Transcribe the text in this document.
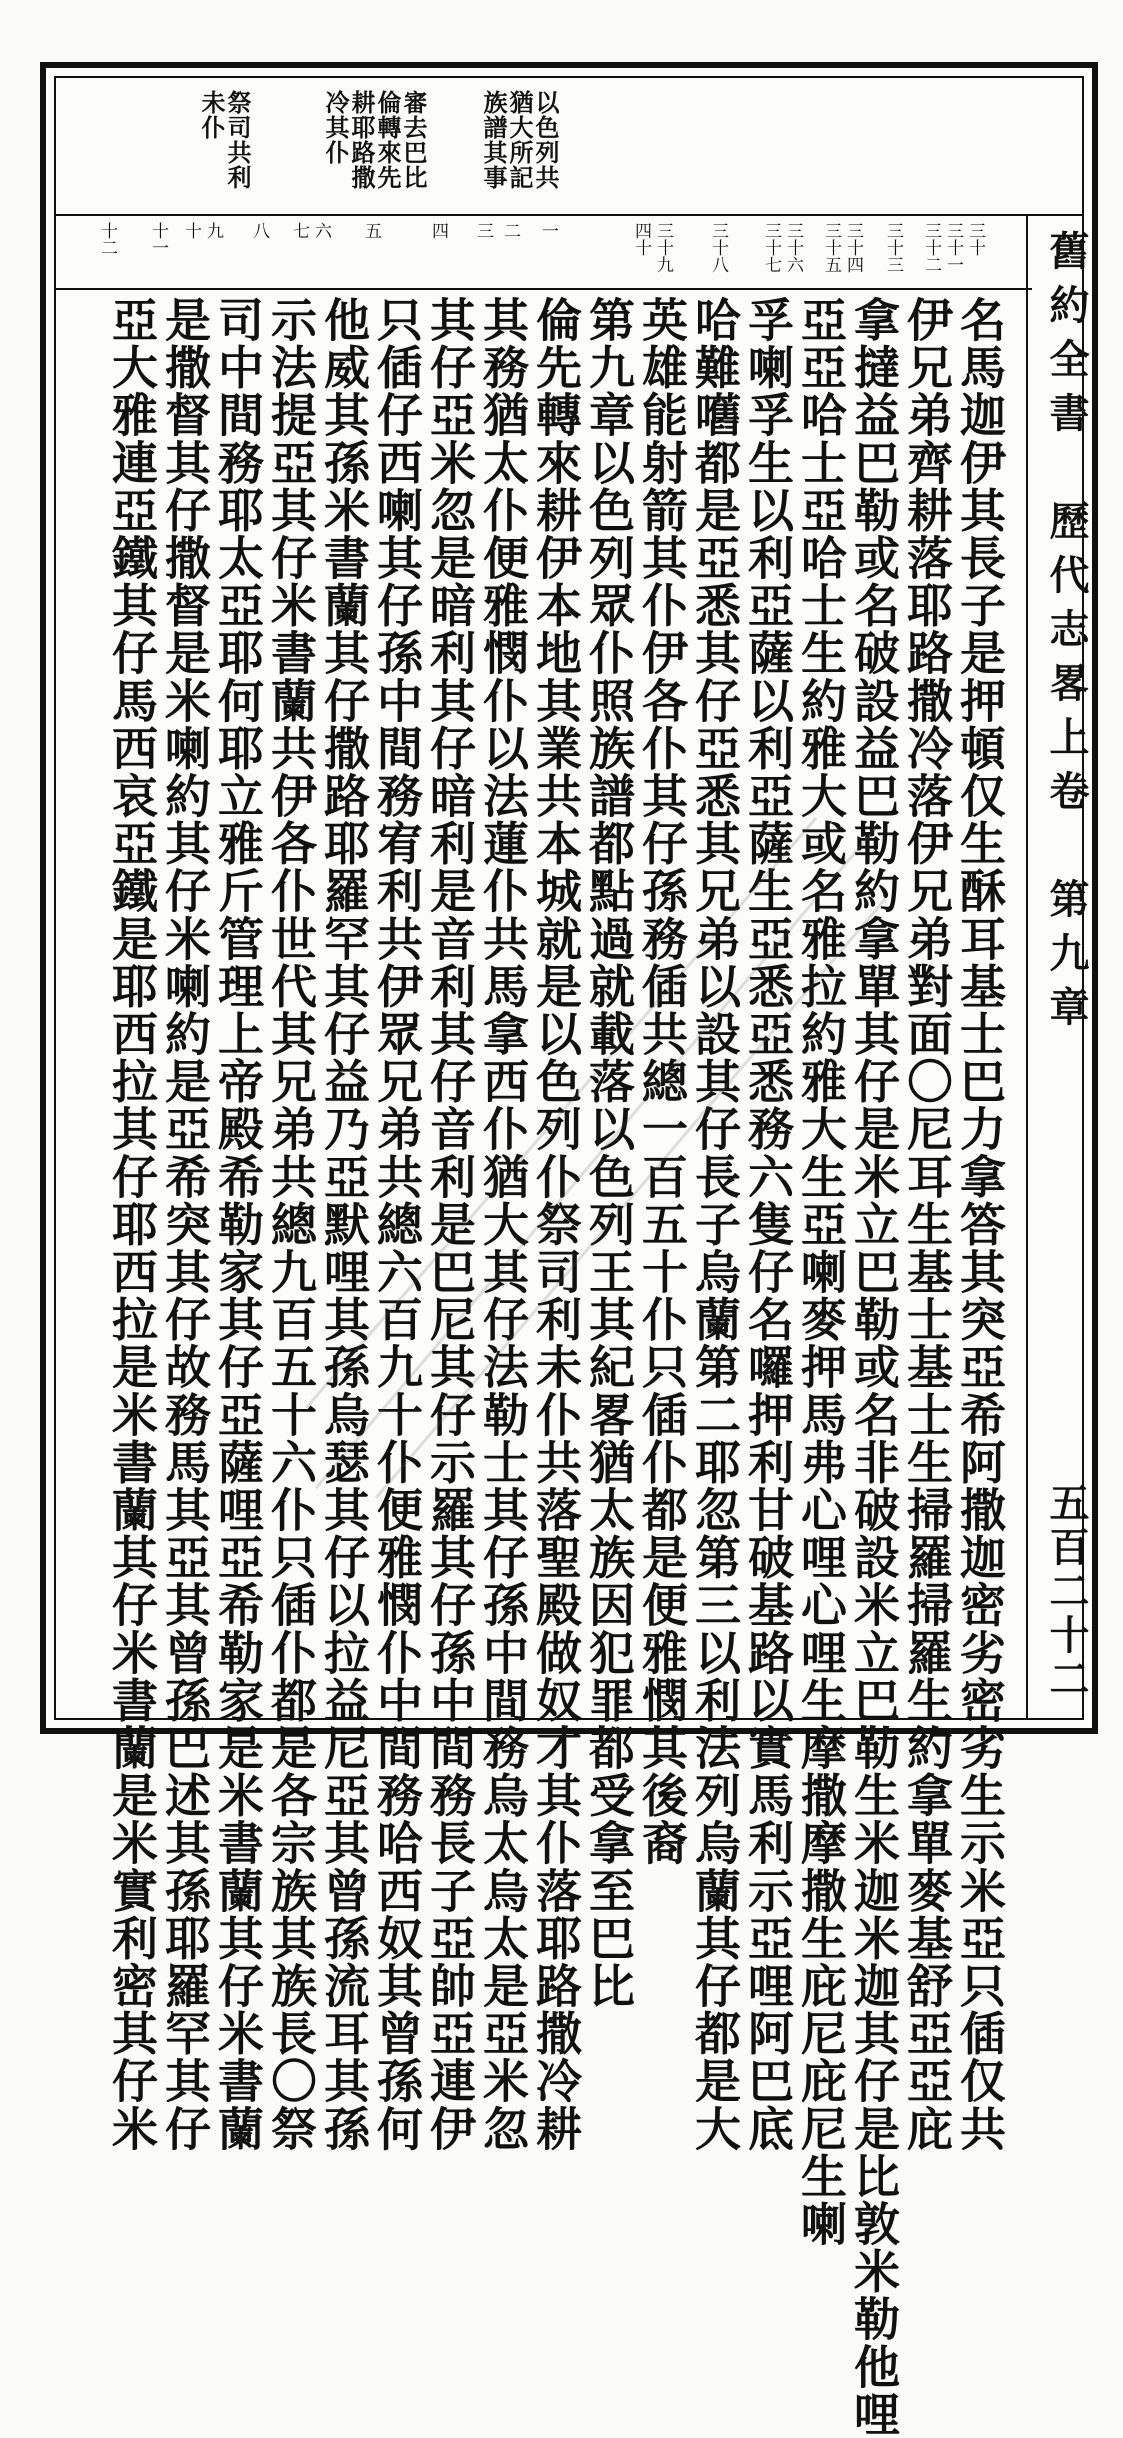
以色列共
猶大所記
族譜其事
審去巴比
倫轉來先
耕耶路撒
冷其仆
祭司共利
未仆
三十
三十一
三十二
三十三
三十四
三十五
三十六
三十七
三十八
三十九
四十
一
二
三
四
五
六
七
八
九
十
十一
十二	舊約全書　歷代志畧上卷　第九章
五百二十二
名馬迦伊其長子是押頓仅生酥耳基士巴力拿答其突亞希阿撒迦密劣密劣生示米亞只偛仅共
伊兄弟齊耕落耶路撒冷落伊兄弟對面〇尼耳生基士基士生掃羅掃羅生約拿單麥基舒亞亞庇
拿撻益巴勒或名破設益巴勒約拿單其仔是米立巴勒或名非破設米立巴勒生米迦米迦其仔是比敦米勒他哩
亞亞哈士亞哈士生約雅大或名雅拉約雅大生亞喇麥押馬弗心哩心哩生摩撒摩撒生庇尼庇尼生喇
孚喇孚生以利亞薩以利亞薩生亞悉亞悉務六隻仔名囉押利甘破基路以實馬利示亞哩阿巴底
哈難嚿都是亞悉其仔亞悉其兄弟以設其仔長子烏蘭第二耶忽第三以利法列烏蘭其仔都是大
英雄能射箭其仆伊各仆其仔孫務偛共總一百五十仆只偛仆都是便雅憫其後裔
第九章以色列眾仆照族譜都點過就載落以色列王其紀畧猶太族因犯罪都受拿至巴比
倫先轉來耕伊本地其業共本城就是以色列仆祭司利未仆共落聖殿做奴才其仆落耶路撒冷耕
其務猶太仆便雅憫仆以法蓮仆共馬拿西仆猶大其仔法勒士其仔孫中間務烏太烏太是亞米忽
其仔亞米忽是暗利其仔暗利是音利其仔音利是巴尼其仔示羅其仔孫中間務長子亞帥亞連伊
只偛仔西喇其仔孫中間務宥利共伊眾兄弟共總六百九十仆便雅憫仆中間務哈西奴其曾孫何
他威其孫米書蘭其仔撒路耶羅罕其仔益乃亞默哩其孫烏瑟其仔以拉益尼亞其曾孫流耳其孫
示法提亞其仔米書蘭共伊各仆世代其兄弟共總九百五十六仆只偛仆都是各宗族其族長〇祭
司中間務耶太亞耶何耶立雅斤管理上帝殿希勒家其仔亞薩哩亞希勒家是米書蘭其仔米書蘭
是撒督其仔撒督是米喇約其仔米喇約是亞希突其仔故務馬其亞其曾孫巴述其孫耶羅罕其仔
亞大雅連亞鐵其仔馬西哀亞鐵是耶西拉其仔耶西拉是米書蘭其仔米書蘭是米實利密其仔米
